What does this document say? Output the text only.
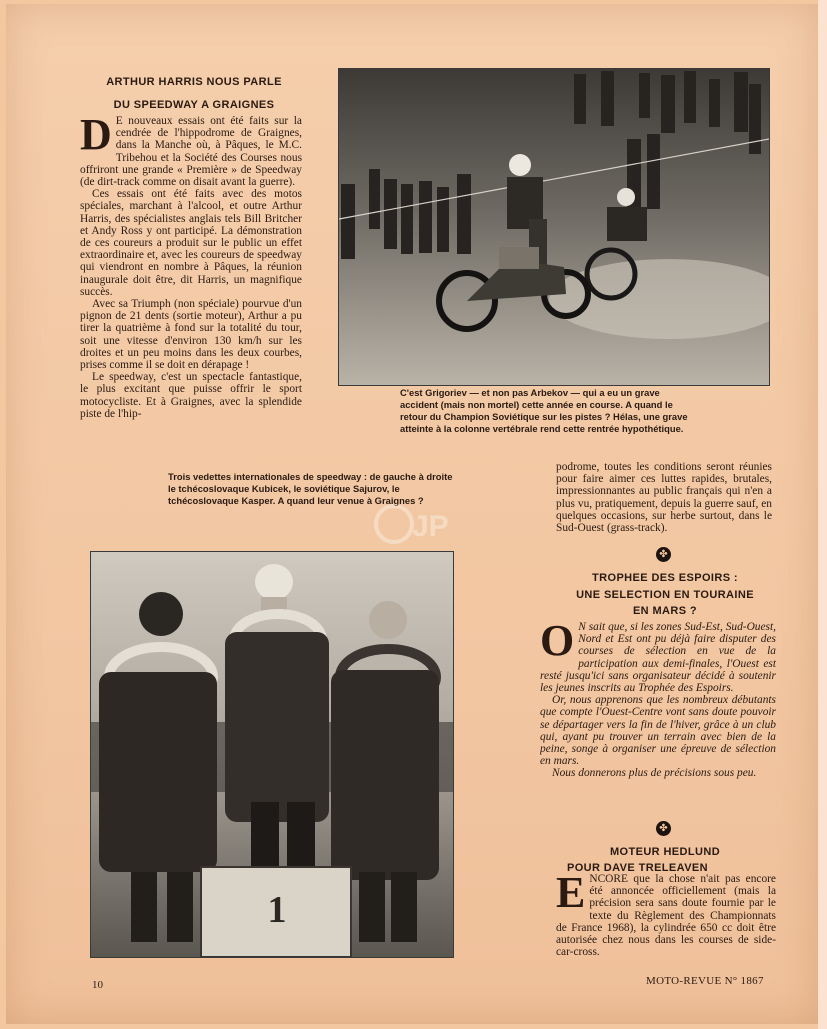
ARTHUR HARRIS NOUS PARLE
DU SPEEDWAY A GRAIGNES

D E nouveaux essais ont été faits sur la cendrée de l'hippodrome de Graignes, dans la Manche où, à Pâques, le M.C. Tribehou et la Société des Courses nous offriront une grande « Première » de Speedway (de dirt-track comme on disait avant la guerre).

Ces essais ont été faits avec des motos spéciales, marchant à l'alcool, et outre Arthur Harris, des spécialistes anglais tels Bill Britcher et Andy Ross y ont participé. La démonstration de ces coureurs a produit sur le public un effet extraordinaire et, avec les coureurs de speedway qui viendront en nombre à Pâques, la réunion inaugurale doit être, dit Harris, un magnifique succès.

Avec sa Triumph (non spéciale) pourvue d'un pignon de 21 dents (sortie moteur), Arthur a pu tirer la quatrième à fond sur la totalité du tour, soit une vitesse d'environ 130 km/h sur les droites et un peu moins dans les deux courbes, prises comme il se doit en dérapage !

Le speedway, c'est un spectacle fantastique, le plus excitant que puisse offrir le sport motocycliste. Et à Graignes, avec la splendide piste de l'hip-

C'est Grigoriev — et non pas Arbekov — qui a eu un grave accident (mais non mortel) cette année en course. A quand le retour du Champion Soviétique sur les pistes ? Hélas, une grave atteinte à la colonne vertébrale rend cette rentrée hypothétique.

podrome, toutes les conditions seront réunies pour faire aimer ces luttes rapides, brutales, impressionnantes au public français qui n'en a plus vu, pratiquement, depuis la guerre sauf, en quelques occasions, sur herbe surtout, dans le Sud-Ouest (grass-track).

Trois vedettes internationales de speedway : de gauche à droite le tchécoslovaque Kubicek, le soviétique Sajurov, le tchécoslovaque Kasper. A quand leur venue à Graignes ?
JP
1
✤
TROPHEE DES ESPOIRS :
UNE SELECTION EN TOURAINE
EN MARS ?

O N sait que, si les zones Sud-Est, Sud-Ouest, Nord et Est ont pu déjà faire disputer des courses de sélection en vue de la participation aux demi-finales, l'Ouest est resté jusqu'ici sans organisateur décidé à soutenir les jeunes inscrits au Trophée des Espoirs.

Or, nous apprenons que les nombreux débutants que compte l'Ouest-Centre vont sans doute pouvoir se départager vers la fin de l'hiver, grâce à un club qui, ayant pu trouver un terrain avec bien de la peine, songe à organiser une épreuve de sélection en mars.

Nous donnerons plus de précisions sous peu.

✤
MOTEUR HEDLUND
POUR DAVE TRELEAVEN

ENCORE que la chose n'ait pas encore été annoncée officiellement (mais la précision sera sans doute fournie par le texte du Règlement des Championnats de France 1968), la cylindrée 650 cc doit être autorisée chez nous dans les courses de side-car-cross.

10	MOTO-REVUE N° 1867
